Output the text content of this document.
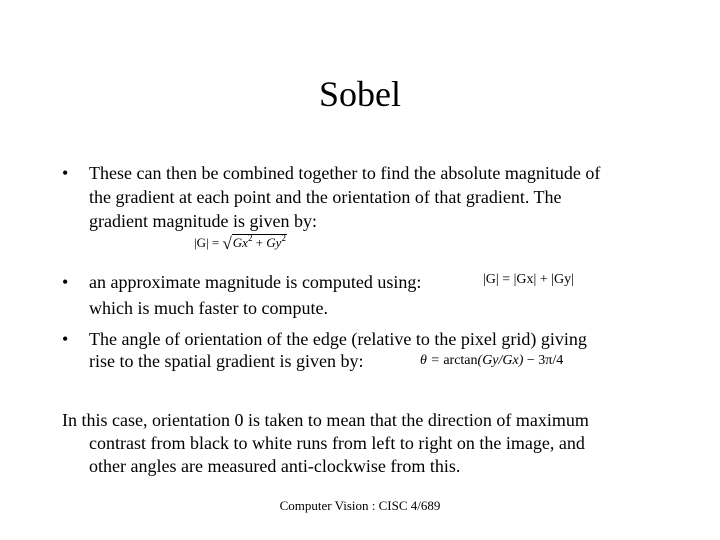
Sobel
• These can then be combined together to find the absolute magnitude of
the gradient at each point and the orientation of that gradient. The
gradient magnitude is given by:
$|G| = √Gx^2 + Gy^2$
• an approximate magnitude is computed using:	|G| = |Gx| + |Gy|
which is much faster to compute.
• The angle of orientation of the edge (relative to the pixel grid) giving
rise to the spatial gradient is given by:	θ = arctan(Gy/Gx) − 3π/4
In this case, orientation 0 is taken to mean that the direction of maximum
contrast from black to white runs from left to right on the image, and
other angles are measured anti-clockwise from this.
Computer Vision : CISC 4/689
